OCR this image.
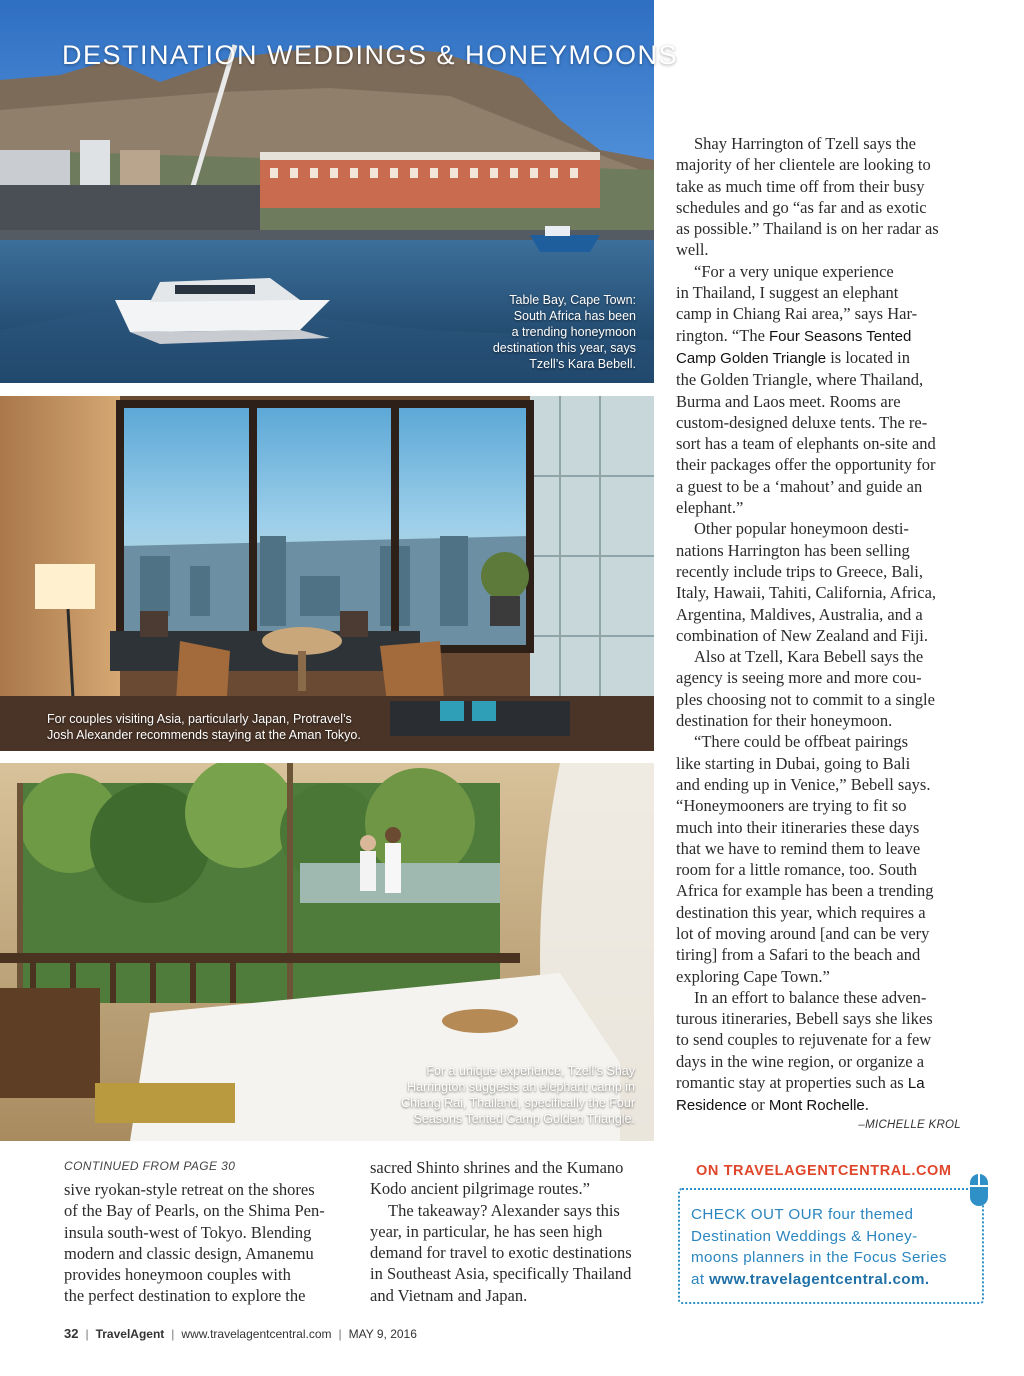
DESTINATION WEDDINGS & HONEYMOONS
Table Bay, Cape Town:
South Africa has been
a trending honeymoon
destination this year, says
Tzell’s Kara Bebell.
For couples visiting Asia, particularly Japan, Protravel’s
Josh Alexander recommends staying at the Aman Tokyo.
For a unique experience, Tzell’s Shay
Harrington suggests an elephant camp in
Chiang Rai, Thailand, specifically the Four
Seasons Tented Camp Golden Triangle.
Shay Harrington of Tzell says the
majority of her clientele are looking to
take as much time off from their busy
schedules and go “as far and as exotic
as possible.” Thailand is on her radar as
well.
“For a very unique experience
in Thailand, I suggest an elephant
camp in Chiang Rai area,” says Har-
rington. “The Four Seasons Tented
Camp Golden Triangle is located in
the Golden Triangle, where Thailand,
Burma and Laos meet. Rooms are
custom-designed deluxe tents. The re-
sort has a team of elephants on-site and
their packages offer the opportunity for
a guest to be a ‘mahout’ and guide an
elephant.”
Other popular honeymoon desti-
nations Harrington has been selling
recently include trips to Greece, Bali,
Italy, Hawaii, Tahiti, California, Africa,
Argentina, Maldives, Australia, and a
combination of New Zealand and Fiji.
Also at Tzell, Kara Bebell says the
agency is seeing more and more cou-
ples choosing not to commit to a single
destination for their honeymoon.
“There could be offbeat pairings
like starting in Dubai, going to Bali
and ending up in Venice,” Bebell says.
“Honeymooners are trying to fit so
much into their itineraries these days
that we have to remind them to leave
room for a little romance, too. South
Africa for example has been a trending
destination this year, which requires a
lot of moving around [and can be very
tiring] from a Safari to the beach and
exploring Cape Town.”
In an effort to balance these adven-
turous itineraries, Bebell says she likes
to send couples to rejuvenate for a few
days in the wine region, or organize a
romantic stay at properties such as La
Residence or Mont Rochelle.
–MICHELLE KROL
CONTINUED FROM PAGE 30
sive ryokan-style retreat on the shores
of the Bay of Pearls, on the Shima Pen-
insula south-west of Tokyo. Blending
modern and classic design, Amanemu
provides honeymoon couples with
the perfect destination to explore the
sacred Shinto shrines and the Kumano
Kodo ancient pilgrimage routes.”
The takeaway? Alexander says this
year, in particular, he has seen high
demand for travel to exotic destinations
in Southeast Asia, specifically Thailand
and Vietnam and Japan.
ON TRAVELAGENTCENTRAL.COM
CHECK OUT OUR four themed
Destination Weddings & Honey-
moons planners in the Focus Series
at www.travelagentcentral.com.
32 | TravelAgent | www.travelagentcentral.com | MAY 9, 2016
